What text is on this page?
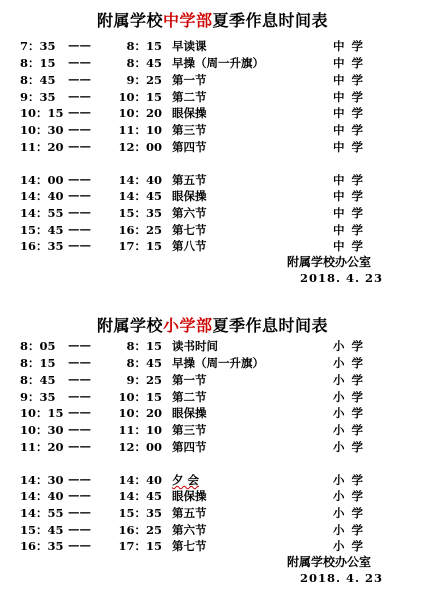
附属学校中学部夏季作息时间表
7：35	——	8：15 早读课	中学
8：15	——	8：45 早操（周一升旗）	中学
8：45	——	9：25 第一节	中学
9：35	——	10：15 第二节	中学
10：15 ——	10：20 眼保操	中学
10：30 ——	11：10 第三节	中学
11：20 ——	12：00 第四节	中学
14：00 ——	14：40 第五节	中学
14：40 ——	14：45 眼保操	中学
14：55 ——	15：35 第六节	中学
15：45 ——	16：25 第七节	中学
16：35 ——	17：15 第八节	中学
附属学校办公室
2018. 4. 23
附属学校小学部夏季作息时间表
8：05	——	8：15 读书时间	小学
8：15	——	8：45 早操（周一升旗）	小学
8：45	——	9：25 第一节	小学
9：35	——	10：15 第二节	小学
10：15 ——	10：20 眼保操	小学
10：30 ——	11：10 第三节	小学
11：20 ——	12：00 第四节	小学
14：30 ——	14：40 夕 会	小学
14：40 ——	14：45 眼保操	小学
14：55 ——	15：35 第五节	小学
15：45 ——	16：25 第六节	小学
16：35 ——	17：15 第七节	小学
附属学校办公室
2018. 4. 23
